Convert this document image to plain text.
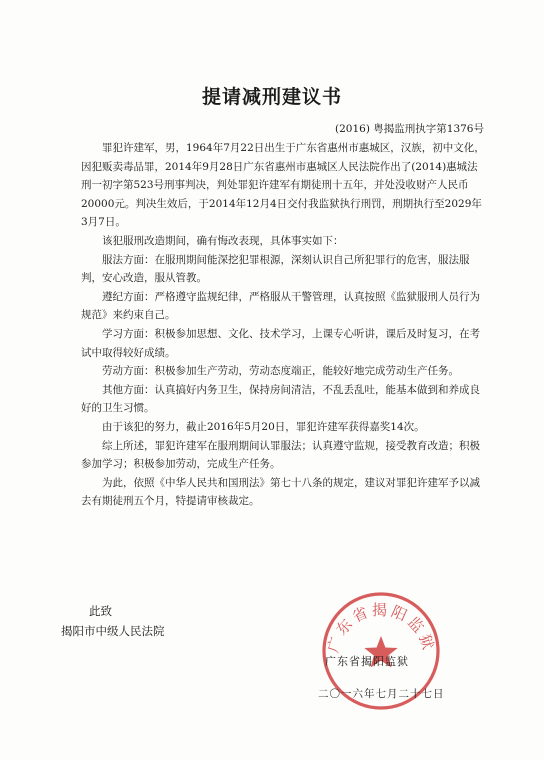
提请减刑建议书
(2016) 粤揭监刑执字第1376号

罪犯许建军，男，1964年7月22日出生于广东省惠州市惠城区，汉族，初中文化，因犯贩卖毒品罪，2014年9月28日广东省惠州市惠城区人民法院作出了(2014)惠城法刑一初字第523号刑事判决，判处罪犯许建军有期徒刑十五年，并处没收财产人民币20000元。判决生效后，于2014年12月4日交付我监狱执行刑罚，刑期执行至2029年3月7日。

该犯服刑改造期间，确有悔改表现，具体事实如下：

服法方面：在服刑期间能深挖犯罪根源，深刻认识自己所犯罪行的危害，服法服判，安心改造，服从管教。

遵纪方面：严格遵守监规纪律，严格服从干警管理，认真按照《监狱服刑人员行为规范》来约束自己。

学习方面：积极参加思想、文化、技术学习，上课专心听讲，课后及时复习，在考试中取得较好成绩。

劳动方面：积极参加生产劳动，劳动态度端正，能较好地完成劳动生产任务。

其他方面：认真搞好内务卫生，保持房间清洁，不乱丢乱吐，能基本做到和养成良好的卫生习惯。

由于该犯的努力，截止2016年5月20日，罪犯许建军获得嘉奖14次。

综上所述，罪犯许建军在服刑期间认罪服法；认真遵守监规，接受教育改造；积极参加学习；积极参加劳动，完成生产任务。

为此，依照《中华人民共和国刑法》第七十八条的规定，建议对罪犯许建军予以减去有期徒刑五个月，特提请审核裁定。

此致
揭阳市中级人民法院
广东省揭阳监狱
广东省揭阳监狱
二〇一六年七月二十七日
